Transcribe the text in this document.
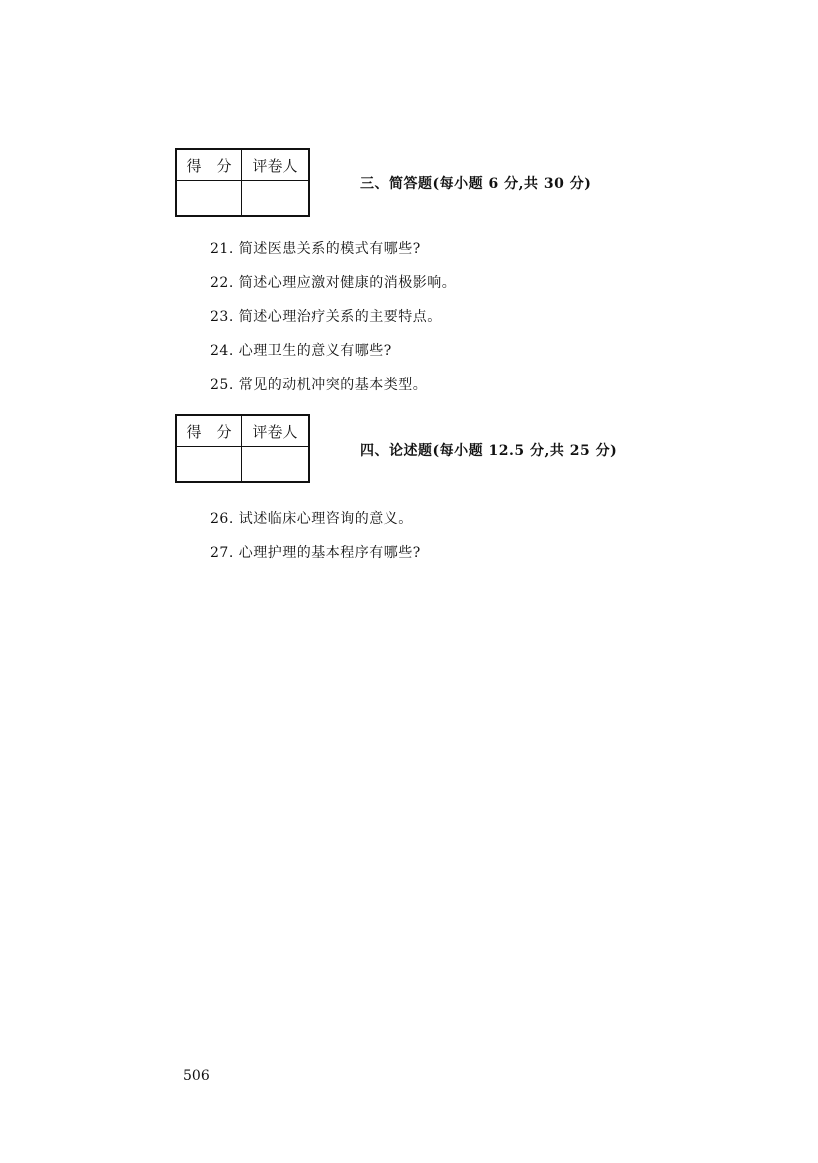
得　分	评卷人

三、简答题(每小题 6 分,共 30 分)
21. 简述医患关系的模式有哪些?
22. 简述心理应激对健康的消极影响。
23. 简述心理治疗关系的主要特点。
24. 心理卫生的意义有哪些?
25. 常见的动机冲突的基本类型。
得　分	评卷人

四、论述题(每小题 12.5 分,共 25 分)
26. 试述临床心理咨询的意义。
27. 心理护理的基本程序有哪些?
506
